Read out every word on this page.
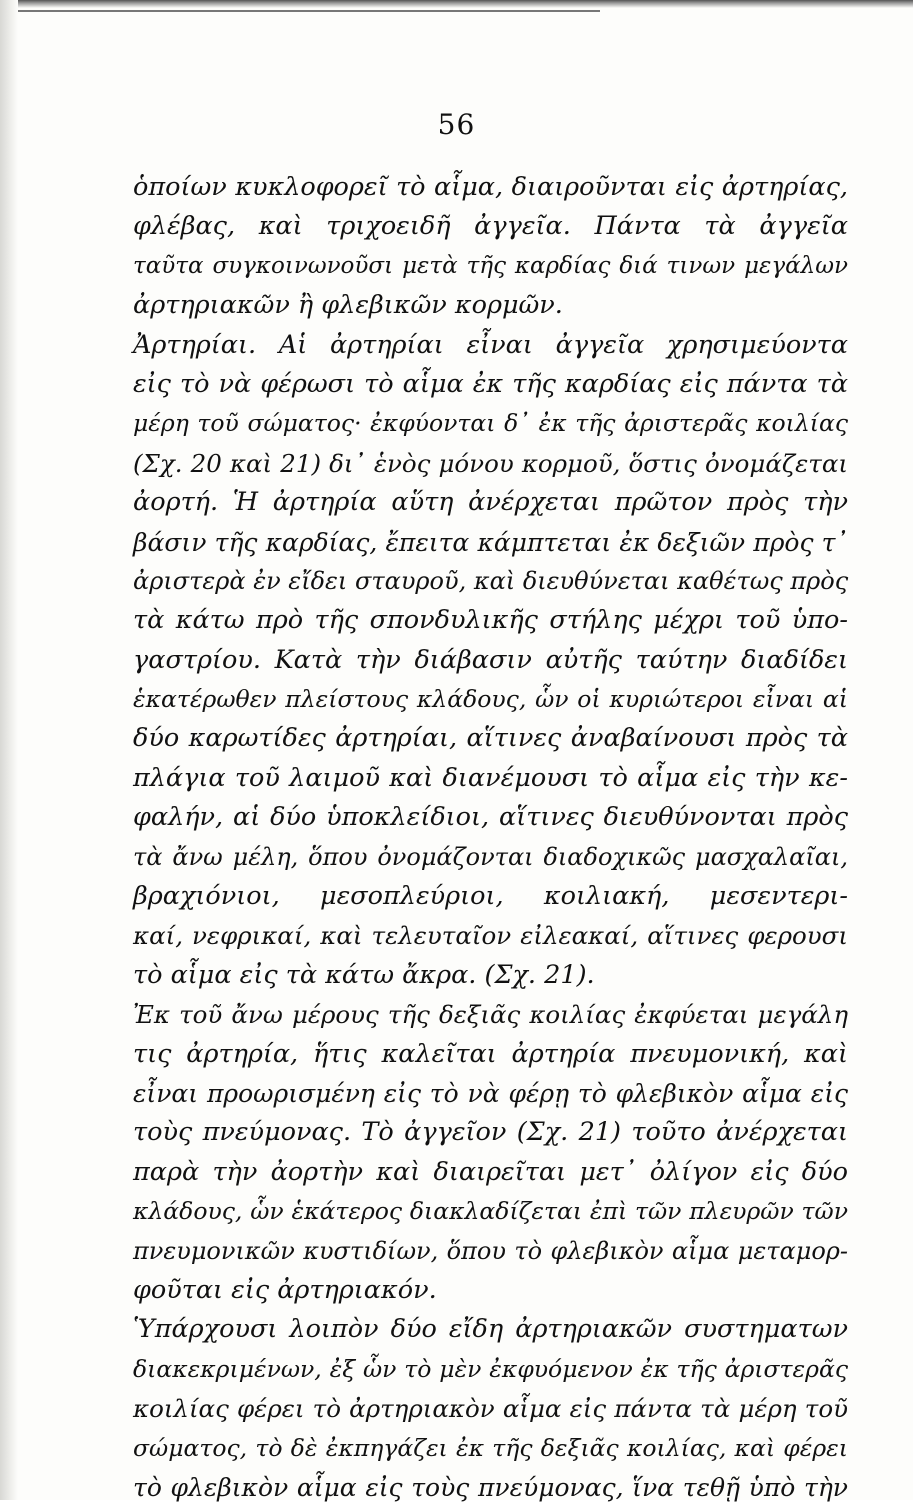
56
ὁποίων κυκλοφορεῖ τὸ αἷμα, διαιροῦνται εἰς ἀρτηρίας,
φλέβας, καὶ τριχοειδῆ ἀγγεῖα. Πάντα τὰ ἀγγεῖα
ταῦτα συγκοινωνοῦσι μετὰ τῆς καρδίας διά τινων μεγάλων
ἀρτηριακῶν ἢ φλεβικῶν κορμῶν.
Ἀρτηρίαι. Αἱ ἀρτηρίαι εἶναι ἀγγεῖα χρησιμεύοντα
εἰς τὸ νὰ φέρωσι τὸ αἷμα ἐκ τῆς καρδίας εἰς πάντα τὰ
μέρη τοῦ σώματος· ἐκφύονται δ᾽ ἐκ τῆς ἀριστερᾶς κοιλίας
(Σχ. 20 καὶ 21) δι᾽ ἑνὸς μόνου κορμοῦ, ὅστις ὀνομάζεται
ἀορτή. Ἡ ἀρτηρία αὕτη ἀνέρχεται πρῶτον πρὸς τὴν
βάσιν τῆς καρδίας, ἔπειτα κάμπτεται ἐκ δεξιῶν πρὸς τ᾽
ἀριστερὰ ἐν εἴδει σταυροῦ, καὶ διευθύνεται καθέτως πρὸς
τὰ κάτω πρὸ τῆς σπονδυλικῆς στήλης μέχρι τοῦ ὑπο-
γαστρίου. Κατὰ τὴν διάβασιν αὐτῆς ταύτην διαδίδει
ἑκατέρωθεν πλείστους κλάδους, ὧν οἱ κυριώτεροι εἶναι αἱ
δύο καρωτίδες ἀρτηρίαι, αἵτινες ἀναβαίνουσι πρὸς τὰ
πλάγια τοῦ λαιμοῦ καὶ διανέμουσι τὸ αἷμα εἰς τὴν κε-
φαλήν, αἱ δύο ὑποκλείδιοι, αἵτινες διευθύνονται πρὸς
τὰ ἄνω μέλη, ὅπου ὀνομάζονται διαδοχικῶς μασχαλαῖαι,
βραχιόνιοι, μεσοπλεύριοι, κοιλιακή, μεσεντερι-
καί, νεφρικαί, καὶ τελευταῖον εἰλεακαί, αἵτινες φερουσι
τὸ αἷμα εἰς τὰ κάτω ἄκρα. (Σχ. 21).
Ἐκ τοῦ ἄνω μέρους τῆς δεξιᾶς κοιλίας ἐκφύεται μεγάλη
τις ἀρτηρία, ἥτις καλεῖται ἀρτηρία πνευμονική, καὶ
εἶναι προωρισμένη εἰς τὸ νὰ φέρῃ τὸ φλεβικὸν αἷμα εἰς
τοὺς πνεύμονας. Τὸ ἀγγεῖον (Σχ. 21) τοῦτο ἀνέρχεται
παρὰ τὴν ἀορτὴν καὶ διαιρεῖται μετ᾽ ὀλίγον εἰς δύο
κλάδους, ὧν ἑκάτερος διακλαδίζεται ἐπὶ τῶν πλευρῶν τῶν
πνευμονικῶν κυστιδίων, ὅπου τὸ φλεβικὸν αἷμα μεταμορ-
φοῦται εἰς ἀρτηριακόν.
Ὑπάρχουσι λοιπὸν δύο εἴδη ἀρτηριακῶν συστηματων
διακεκριμένων, ἐξ ὧν τὸ μὲν ἐκφυόμενον ἐκ τῆς ἀριστερᾶς
κοιλίας φέρει τὸ ἀρτηριακὸν αἷμα εἰς πάντα τὰ μέρη τοῦ
σώματος, τὸ δὲ ἐκπηγάζει ἐκ τῆς δεξιᾶς κοιλίας, καὶ φέρει
τὸ φλεβικὸν αἷμα εἰς τοὺς πνεύμονας, ἵνα τεθῇ ὑπὸ τὴν
